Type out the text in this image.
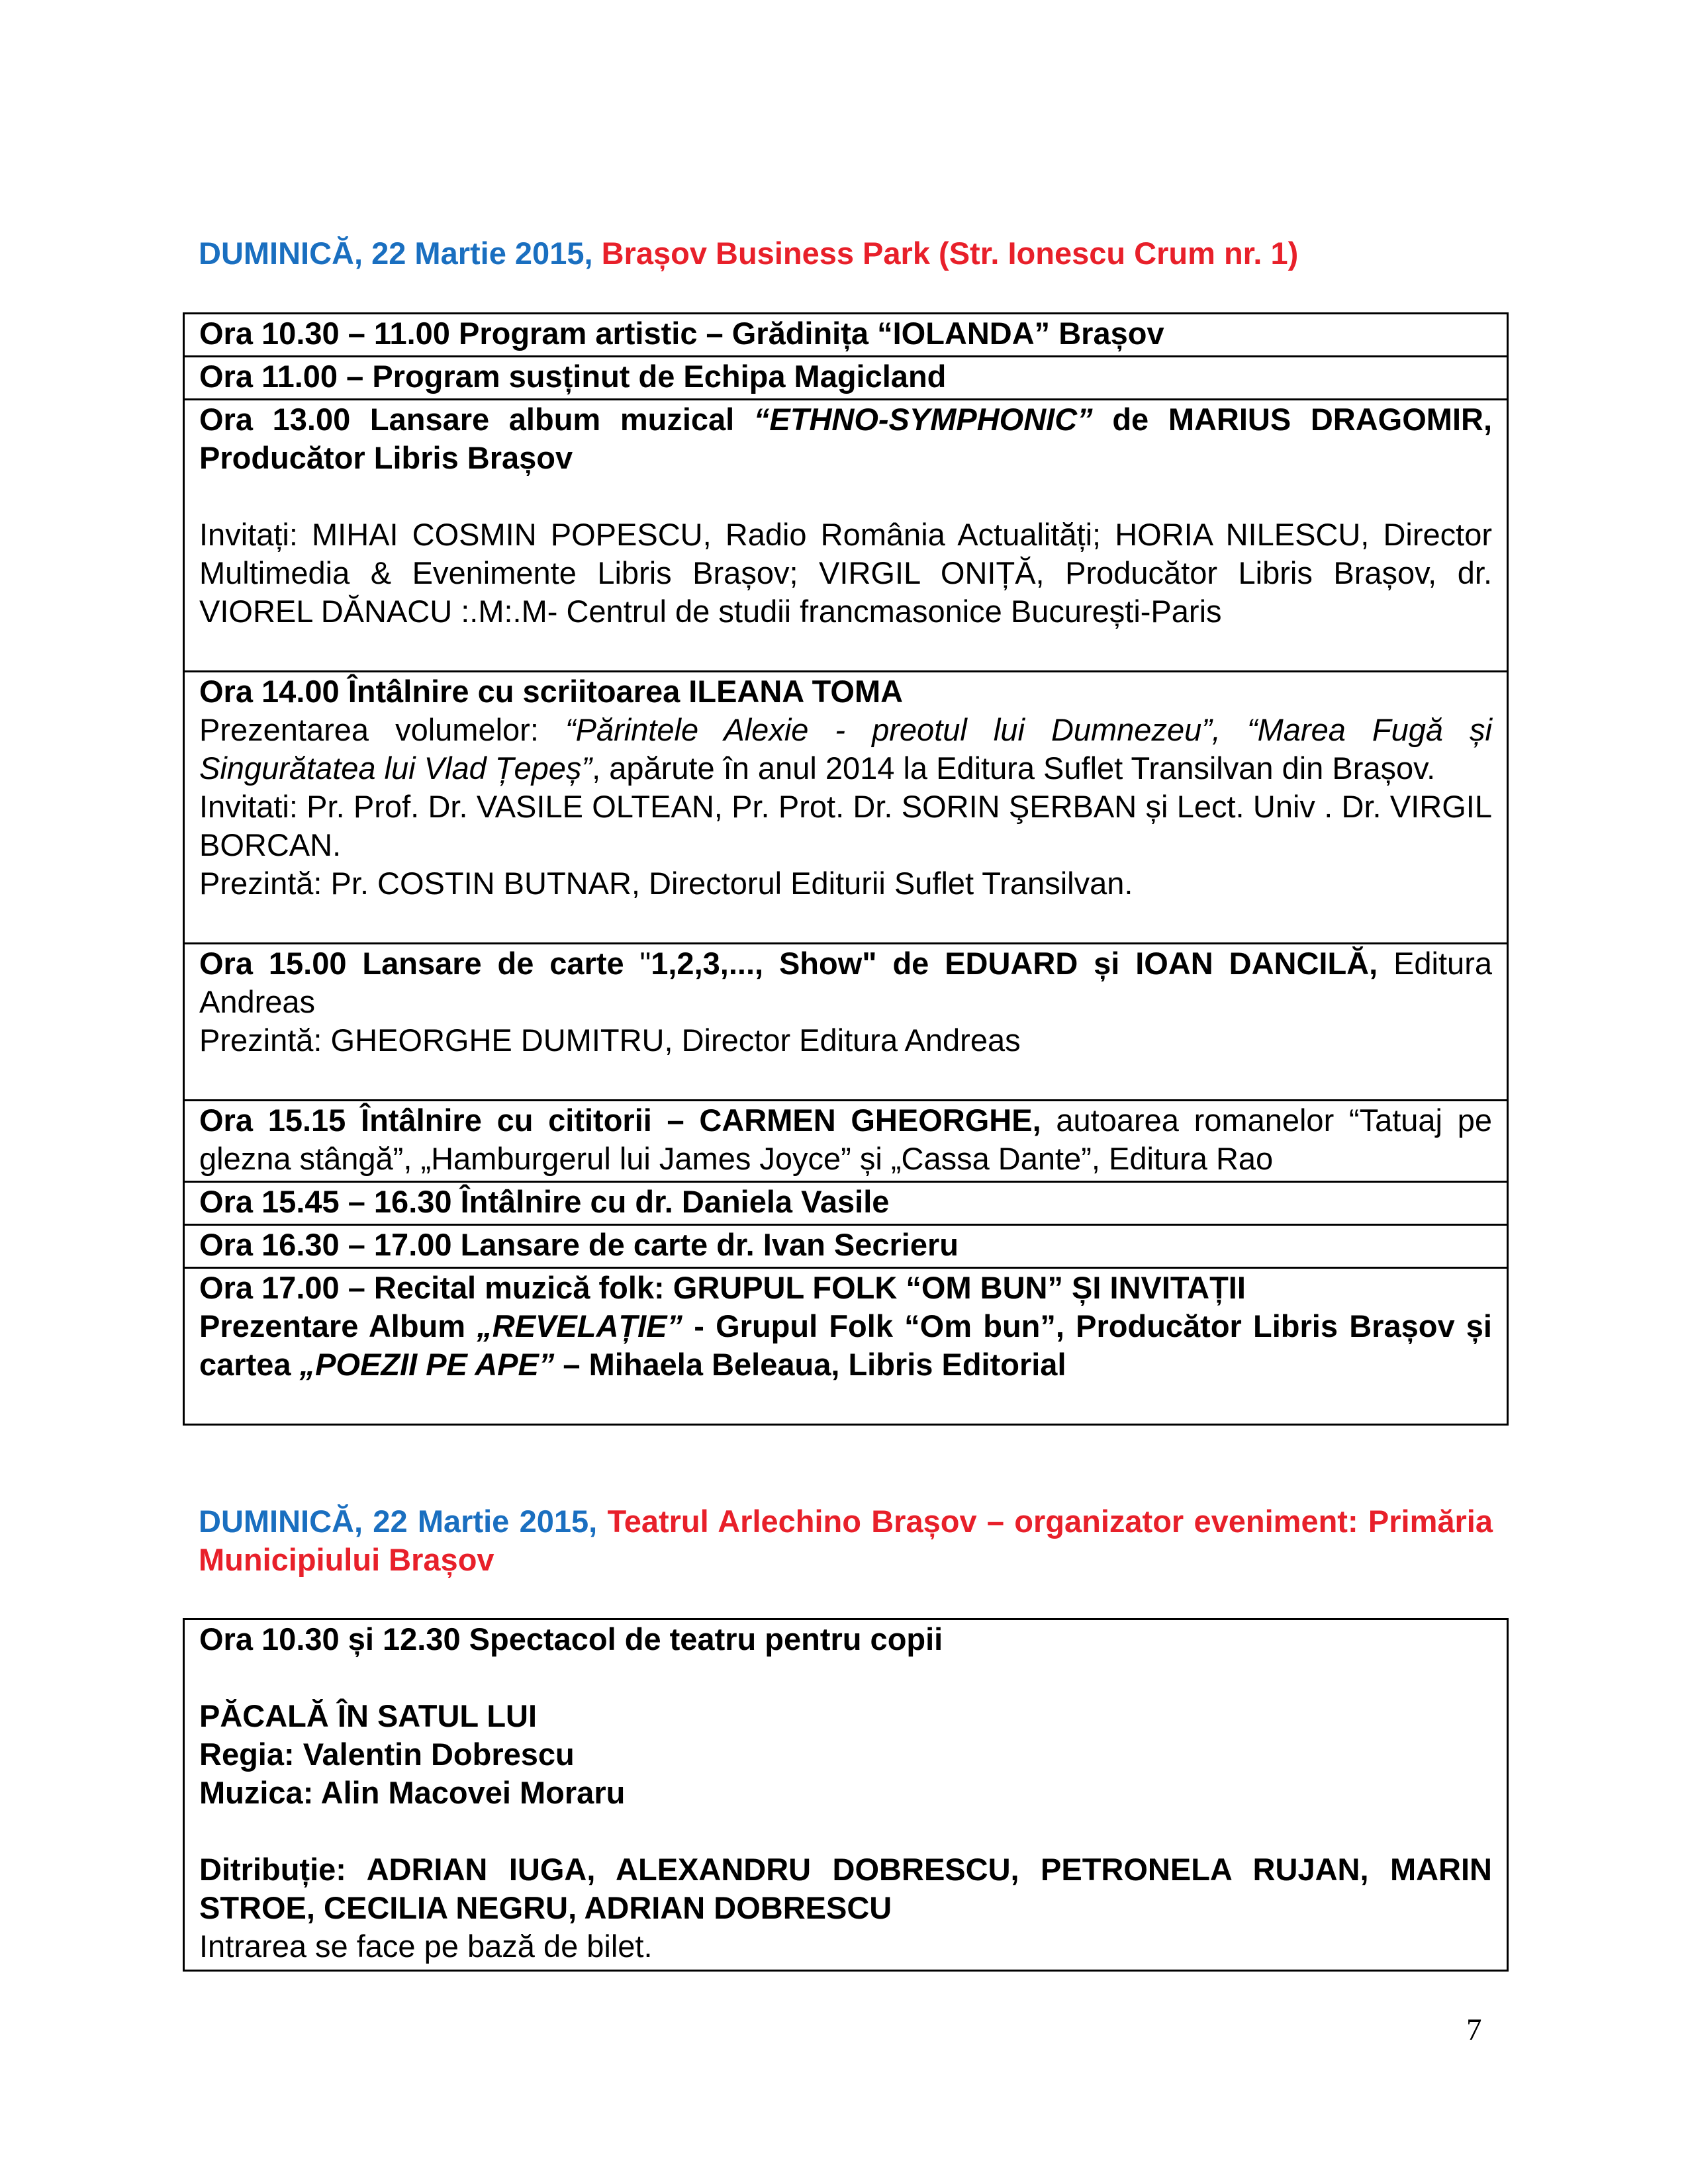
DUMINICĂ, 22 Martie 2015, Brașov Business Park (Str. Ionescu Crum nr. 1)
Ora 10.30 – 11.00 Program artistic – Grădinița “IOLANDA” Brașov
Ora 11.00 – Program susținut de Echipa Magicland

Ora 13.00 Lansare album muzical “ETHNO-SYMPHONIC” de MARIUS DRAGOMIR, Producător Libris Brașov
Invitați: MIHAI COSMIN POPESCU, Radio România Actualități; HORIA NILESCU, Director Multimedia & Evenimente Libris Brașov; VIRGIL ONIȚĂ, Producător Libris Brașov, dr. VIOREL DĂNACU :.M:.M- Centrul de studii francmasonice București-Paris

Ora 14.00 Întâlnire cu scriitoarea ILEANA TOMA
Prezentarea volumelor: “Părintele Alexie - preotul lui Dumnezeu”, “Marea Fugă și Singurătatea lui Vlad Țepeș”, apărute în anul 2014 la Editura Suflet Transilvan din Brașov.
Invitati: Pr. Prof. Dr. VASILE OLTEAN, Pr. Prot. Dr. SORIN ŞERBAN și Lect. Univ . Dr. VIRGIL BORCAN.
Prezintă: Pr. COSTIN BUTNAR, Directorul Editurii Suflet Transilvan.

Ora 15.00 Lansare de carte "1,2,3,..., Show" de EDUARD și IOAN DANCILĂ, Editura Andreas
Prezintă: GHEORGHE DUMITRU, Director Editura Andreas

Ora 15.15 Întâlnire cu cititorii – CARMEN GHEORGHE, autoarea romanelor “Tatuaj pe glezna stângă”, „Hamburgerul lui James Joyce” și „Cassa Dante”, Editura Rao
Ora 15.45 – 16.30 Întâlnire cu dr. Daniela Vasile
Ora 16.30 – 17.00 Lansare de carte dr. Ivan Secrieru

Ora 17.00 – Recital muzică folk: GRUPUL FOLK “OM BUN” ȘI INVITAȚII
Prezentare Album „REVELAȚIE” - Grupul Folk “Om bun”, Producător Libris Brașov și cartea „POEZII PE APE” – Mihaela Beleaua, Libris Editorial
DUMINICĂ, 22 Martie 2015, Teatrul Arlechino Brașov – organizator eveniment: Primăria Municipiului Brașov
Ora 10.30 și 12.30 Spectacol de teatru pentru copii
PĂCALĂ ÎN SATUL LUI
Regia: Valentin Dobrescu
Muzica: Alin Macovei Moraru
Ditribuție: ADRIAN IUGA, ALEXANDRU DOBRESCU, PETRONELA RUJAN, MARIN STROE, CECILIA NEGRU, ADRIAN DOBRESCU
Intrarea se face pe bază de bilet.
7
